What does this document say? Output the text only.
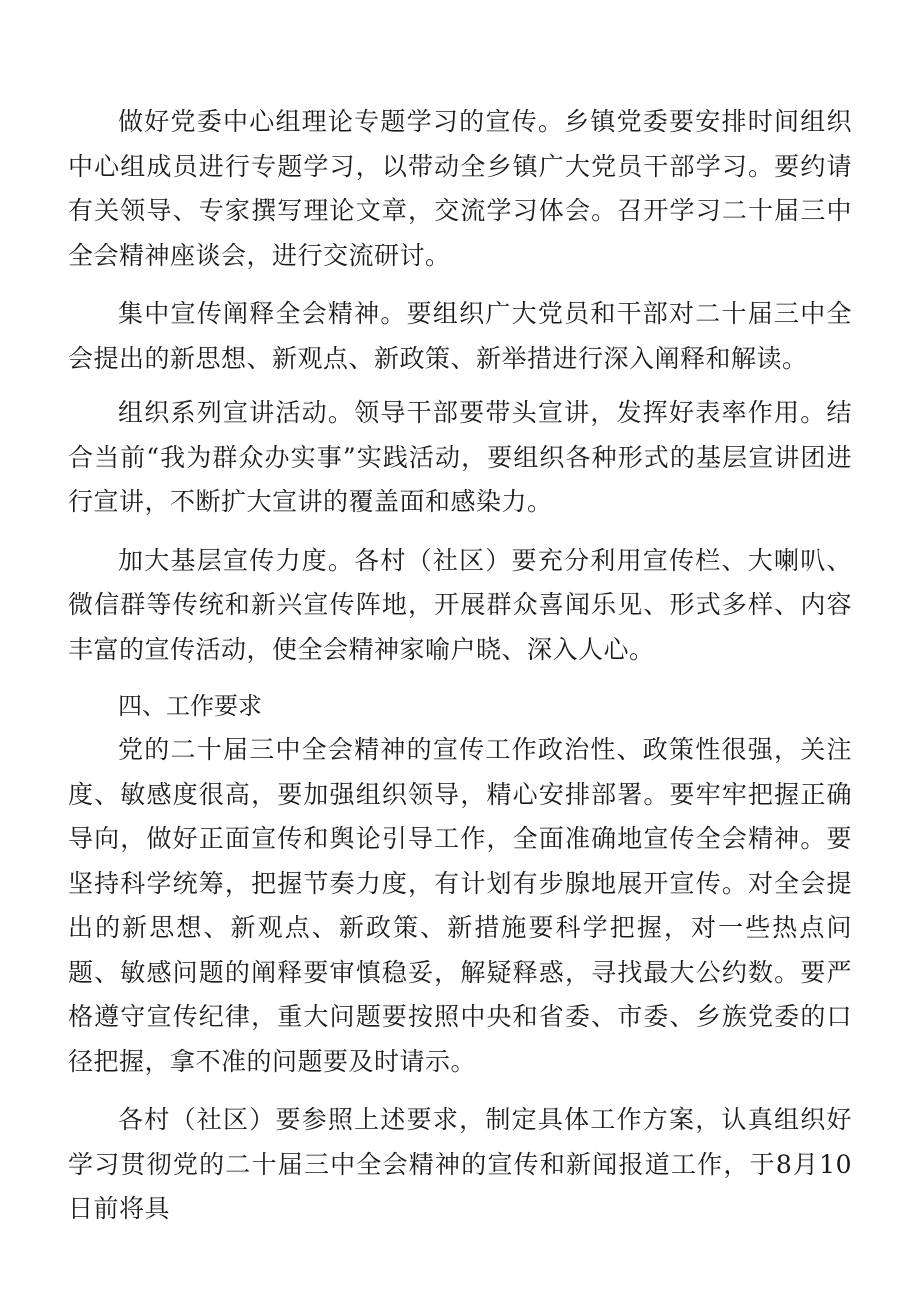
做好党委中心组理论专题学习的宣传。乡镇党委要安排时间组织中心组成员进行专题学习，以带动全乡镇广大党员干部学习。要约请有关领导、专家撰写理论文章，交流学习体会。召开学习二十届三中全会精神座谈会，进行交流研讨。

集中宣传阐释全会精神。要组织广大党员和干部对二十届三中全会提出的新思想、新观点、新政策、新举措进行深入阐释和解读。

组织系列宣讲活动。领导干部要带头宣讲，发挥好表率作用。结合当前“我为群众办实事”实践活动，要组织各种形式的基层宣讲团进行宣讲，不断扩大宣讲的覆盖面和感染力。

加大基层宣传力度。各村（社区）要充分利用宣传栏、大喇叭、微信群等传统和新兴宣传阵地，开展群众喜闻乐见、形式多样、内容丰富的宣传活动，使全会精神家喻户晓、深入人心。

四、工作要求

党的二十届三中全会精神的宣传工作政治性、政策性很强，关注度、敏感度很高，要加强组织领导，精心安排部署。要牢牢把握正确导向，做好正面宣传和舆论引导工作，全面准确地宣传全会精神。要坚持科学统筹，把握节奏力度，有计划有步腺地展开宣传。对全会提出的新思想、新观点、新政策、新措施要科学把握，对一些热点问题、敏感问题的阐释要审慎稳妥，解疑释惑，寻找最大公约数。要严格遵守宣传纪律，重大问题要按照中央和省委、市委、乡族党委的口径把握，拿不准的问题要及时请示。

各村（社区）要参照上述要求，制定具体工作方案，认真组织好学习贯彻党的二十届三中全会精神的宣传和新闻报道工作，于8月10日前将具
